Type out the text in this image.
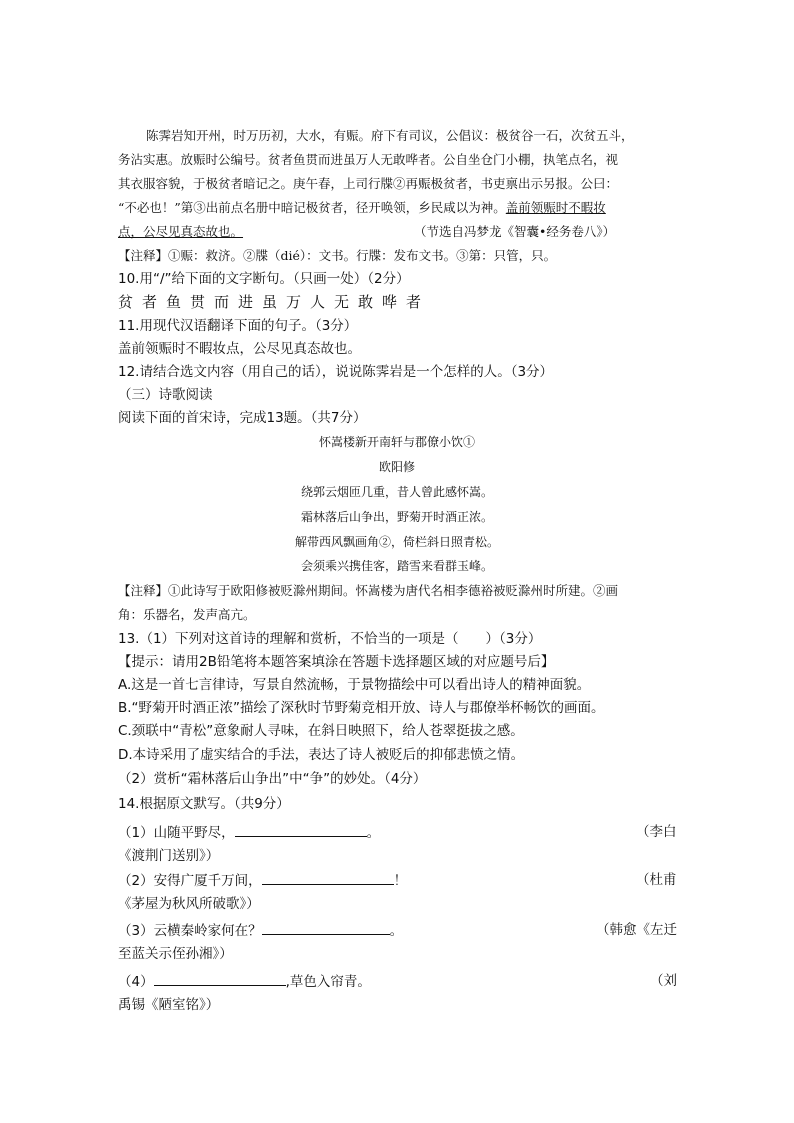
陈霁岩知开州，时万历初，大水，有赈。府下有司议，公倡议：极贫谷一石，次贫五斗，
务沾实惠。放赈时公编号。贫者鱼贯而进虽万人无敢哗者。公自坐仓门小棚，执笔点名，视
其衣服容貌，于极贫者暗记之。庚午春，上司行牒②再赈极贫者，书吏禀出示另报。公曰：
“不必也！”第③出前点名册中暗记极贫者，径开唤领，乡民咸以为神。盖前领赈时不暇妆
点，公尽见真态故也。	（节选自冯梦龙《智囊•经务卷八》）
【注释】①赈：救济。②牒（dié）：文书。行牒：发布文书。③第：只管，只。
10.用“/”给下面的文字断句。（只画一处）（2分）
贫者鱼贯而进虽万人无敢哗者
11.用现代汉语翻译下面的句子。（3分）
盖前领赈时不暇妆点，公尽见真态故也。
12.请结合选文内容（用自己的话），说说陈霁岩是一个怎样的人。（3分）
（三）诗歌阅读
阅读下面的首宋诗，完成13题。（共7分）
怀嵩楼新开南轩与郡僚小饮①
欧阳修
绕郭云烟匝几重，昔人曾此感怀嵩。
霜林落后山争出，野菊开时酒正浓。
解带西风飘画角②，倚栏斜日照青松。
会须乘兴携佳客，踏雪来看群玉峰。
【注释】①此诗写于欧阳修被贬滁州期间。怀嵩楼为唐代名相李德裕被贬滁州时所建。②画
角：乐器名，发声高亢。
13.（1）下列对这首诗的理解和赏析，不恰当的一项是（　　）（3分）
【提示：请用2B铅笔将本题答案填涂在答题卡选择题区域的对应题号后】
A.这是一首七言律诗，写景自然流畅，于景物描绘中可以看出诗人的精神面貌。
B.“野菊开时酒正浓”描绘了深秋时节野菊竞相开放、诗人与郡僚举杯畅饮的画面。
C.颈联中“青松”意象耐人寻味，在斜日映照下，给人苍翠挺拔之感。
D.本诗采用了虚实结合的手法，表达了诗人被贬后的抑郁悲愤之情。
（2）赏析“霜林落后山争出”中“争”的妙处。（4分）
14.根据原文默写。（共9分）
（1）山随平野尽，	。	（李白
《渡荆门送别》）
（2）安得广厦千万间，	！	（杜甫
《茅屋为秋风所破歌》）
（3）云横秦岭家何在？	。	（韩愈《左迁
至蓝关示侄孙湘》）
（4）	,草色入帘青。	（刘
禹锡《陋室铭》）
